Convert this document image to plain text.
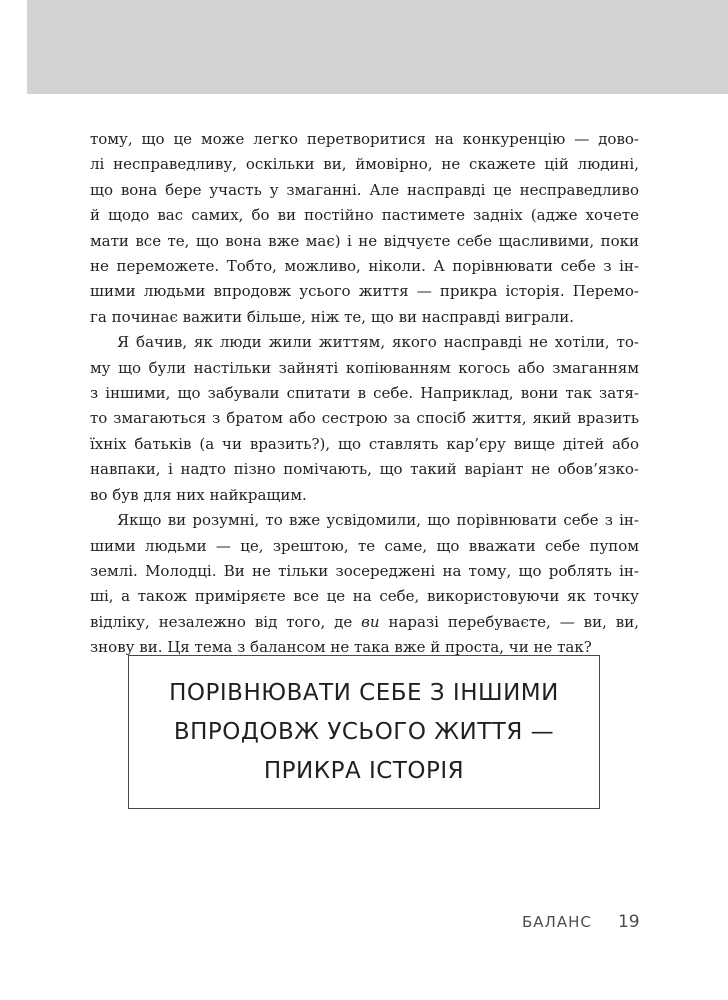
тому, що це може легко перетворитися на конкуренцію — дово-
лі несправедливу, оскільки ви, ймовірно, не скажете цій людині,
що вона бере участь у змаганні. Але насправді це несправедливо
й щодо вас самих, бо ви постійно пастимете задніх (адже хочете
мати все те, що вона вже має) і не відчуєте себе щасливими, поки
не переможете. Тобто, можливо, ніколи. А порівнювати себе з ін-
шими людьми впродовж усього життя — прикра історія. Перемо-
га починає важити більше, ніж те, що ви насправді виграли.

Я бачив, як люди жили життям, якого насправді не хотіли, то-
му що були настільки зайняті копіюванням когось або змаганням
з іншими, що забували спитати в себе. Наприклад, вони так затя-
то змагаються з братом або сестрою за спосіб життя, який вразить
їхніх батьків (а чи вразить?), що ставлять кар’єру вище дітей або
навпаки, і надто пізно помічають, що такий варіант не обов’язко-
во був для них найкращим.

Якщо ви розумні, то вже усвідомили, що порівнювати себе з ін-
шими людьми — це, зрештою, те саме, що вважати себе пупом
землі. Молодці. Ви не тільки зосереджені на тому, що роблять ін-
ші, а також приміряєте все це на себе, використовуючи як точку
відліку, незалежно від того, де ви наразі перебуваєте, — ви, ви,
знову ви. Ця тема з балансом не така вже й проста, чи не так?

ПОРІВНЮВАТИ СЕБЕ З ІНШИМИ
ВПРОДОВЖ УСЬОГО ЖИТТЯ —
ПРИКРА ІСТОРІЯ
БАЛАНС 19
